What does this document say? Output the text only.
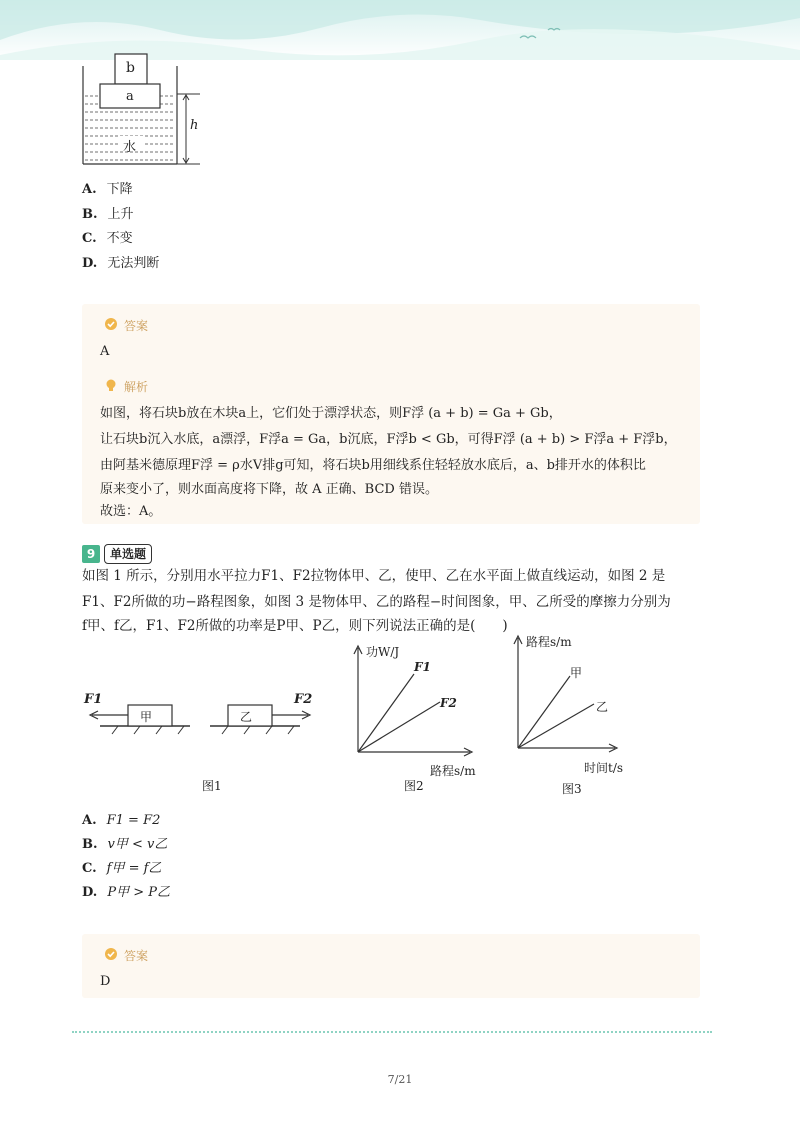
b
a
水
h
A. 下降
B. 上升
C. 不变
D. 无法判断
答案
A
解析
如图，将石块b放在木块a上，它们处于漂浮状态，则F浮 (a + b) = Ga + Gb，
让石块b沉入水底，a漂浮，F浮a = Ga，b沉底，F浮b < Gb，可得F浮 (a + b) > F浮a + F浮b，
由阿基米德原理F浮 = ρ水V排g可知，将石块b用细线系住轻轻放水底后，a、b排开水的体积比
原来变小了，则水面高度将下降，故 A 正确、BCD 错误。
故选：A。
9	单选题
如图 1 所示，分别用水平拉力F1、F2拉物体甲、乙，使甲、乙在水平面上做直线运动，如图 2 是
F1、F2所做的功−路程图象，如图 3 是物体甲、乙的路程−时间图象，甲、乙所受的摩擦力分别为
f甲、f乙，F1、F2所做的功率是P甲、P乙，则下列说法正确的是(　　)
F1
甲	乙
F2
图1
功W/J
F1
F2
路程s/m
图2
路程s/m
甲
乙
时间t/s
图3
A. F1 = F2
B. v甲 < v乙
C. f甲 = f乙
D. P甲 > P乙
答案
D
7/21
